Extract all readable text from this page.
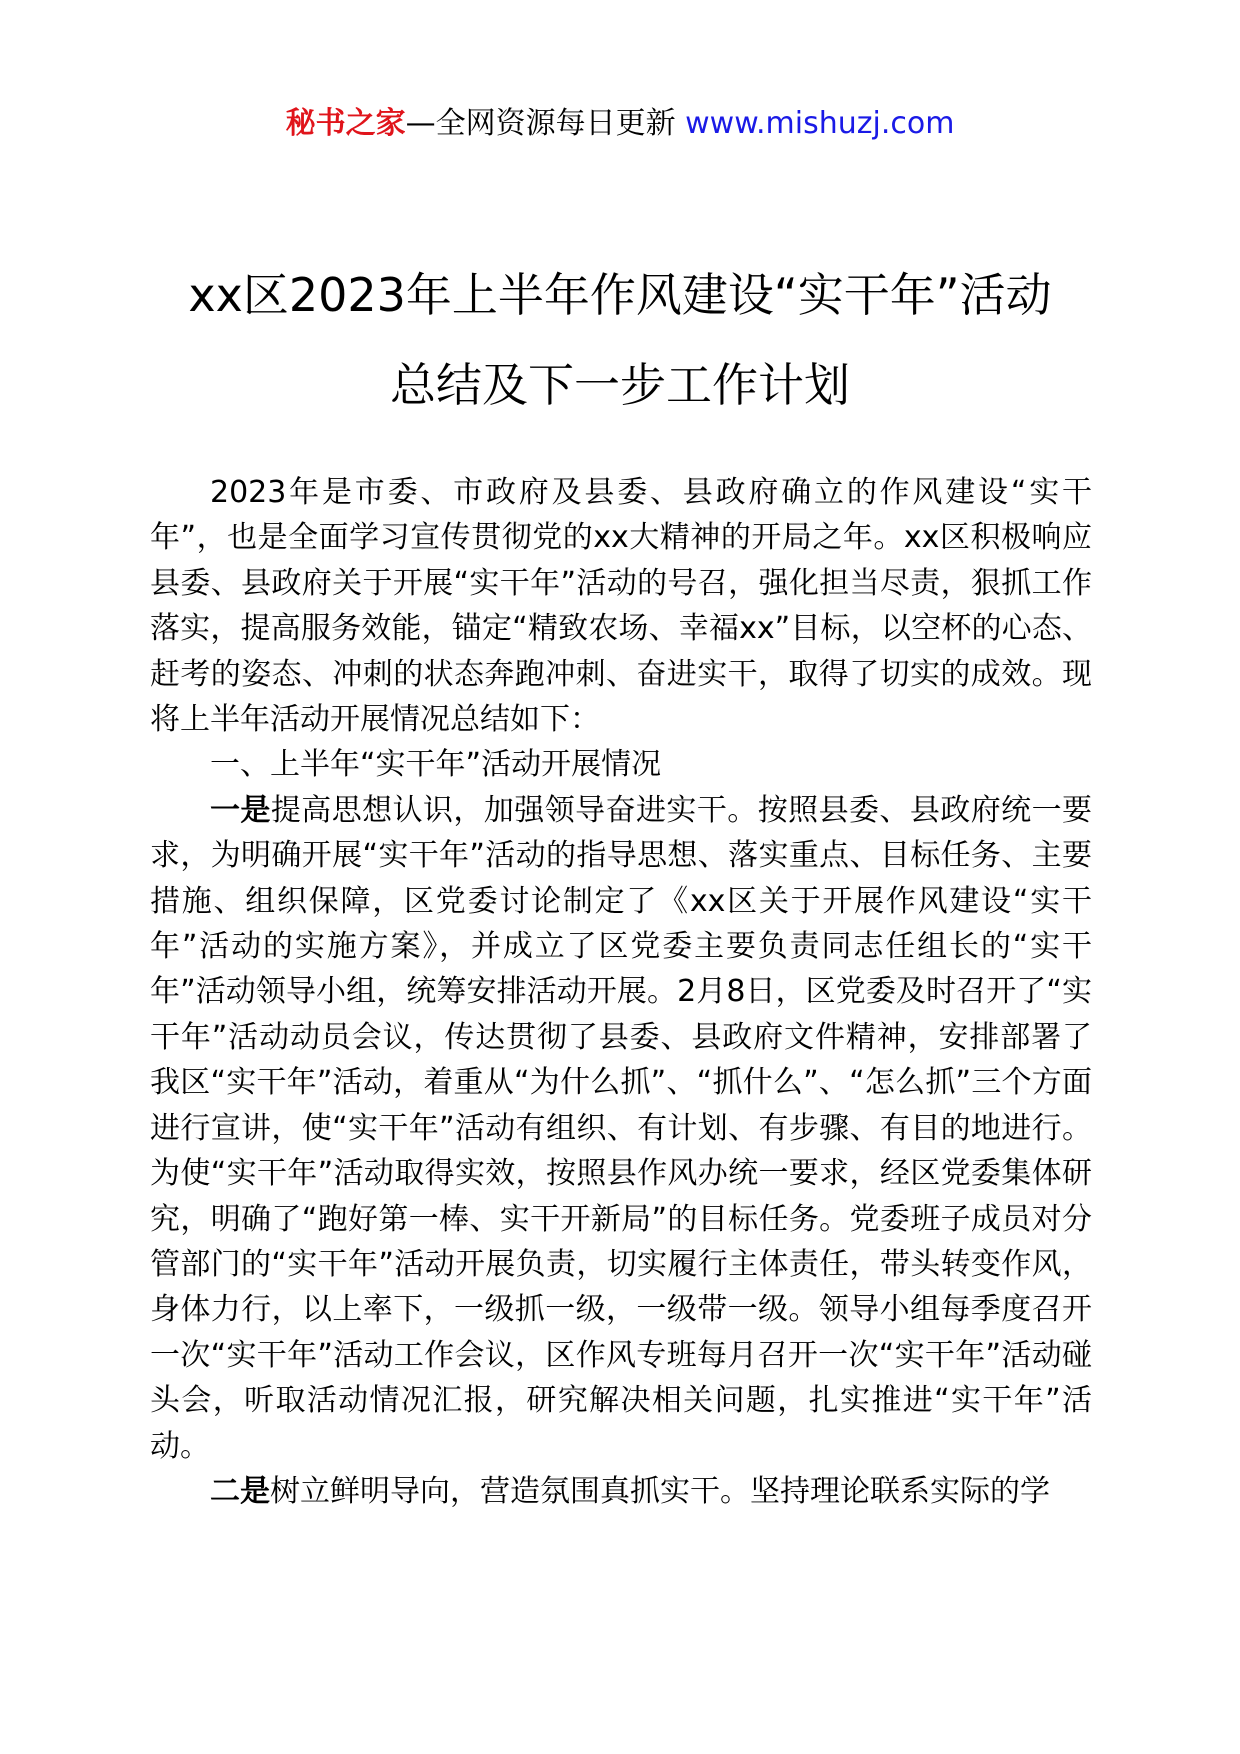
秘书之家—全网资源每日更新 www.mishuzj.com
xx区2023年上半年作风建设“实干年”活动
总结及下一步工作计划

2023年是市委、市政府及县委、县政府确立的作风建设“实干年”，也是全面学习宣传贯彻党的xx大精神的开局之年。xx区积极响应县委、县政府关于开展“实干年”活动的号召，强化担当尽责，狠抓工作落实，提高服务效能，锚定“精致农场、幸福xx”目标，以空杯的心态、赶考的姿态、冲刺的状态奔跑冲刺、奋进实干，取得了切实的成效。现将上半年活动开展情况总结如下：

一、上半年“实干年”活动开展情况

一是提高思想认识，加强领导奋进实干。按照县委、县政府统一要求，为明确开展“实干年”活动的指导思想、落实重点、目标任务、主要措施、组织保障，区党委讨论制定了《xx区关于开展作风建设“实干年”活动的实施方案》，并成立了区党委主要负责同志任组长的“实干年”活动领导小组，统筹安排活动开展。2月8日，区党委及时召开了“实干年”活动动员会议，传达贯彻了县委、县政府文件精神，安排部署了我区“实干年”活动，着重从“为什么抓”、“抓什么”、“怎么抓”三个方面进行宣讲，使“实干年”活动有组织、有计划、有步骤、有目的地进行。为使“实干年”活动取得实效，按照县作风办统一要求，经区党委集体研究，明确了“跑好第一棒、实干开新局”的目标任务。党委班子成员对分管部门的“实干年”活动开展负责，切实履行主体责任，带头转变作风，身体力行，以上率下，一级抓一级，一级带一级。领导小组每季度召开一次“实干年”活动工作会议，区作风专班每月召开一次“实干年”活动碰头会，听取活动情况汇报，研究解决相关问题，扎实推进“实干年”活动。

二是树立鲜明导向，营造氛围真抓实干。坚持理论联系实际的学
